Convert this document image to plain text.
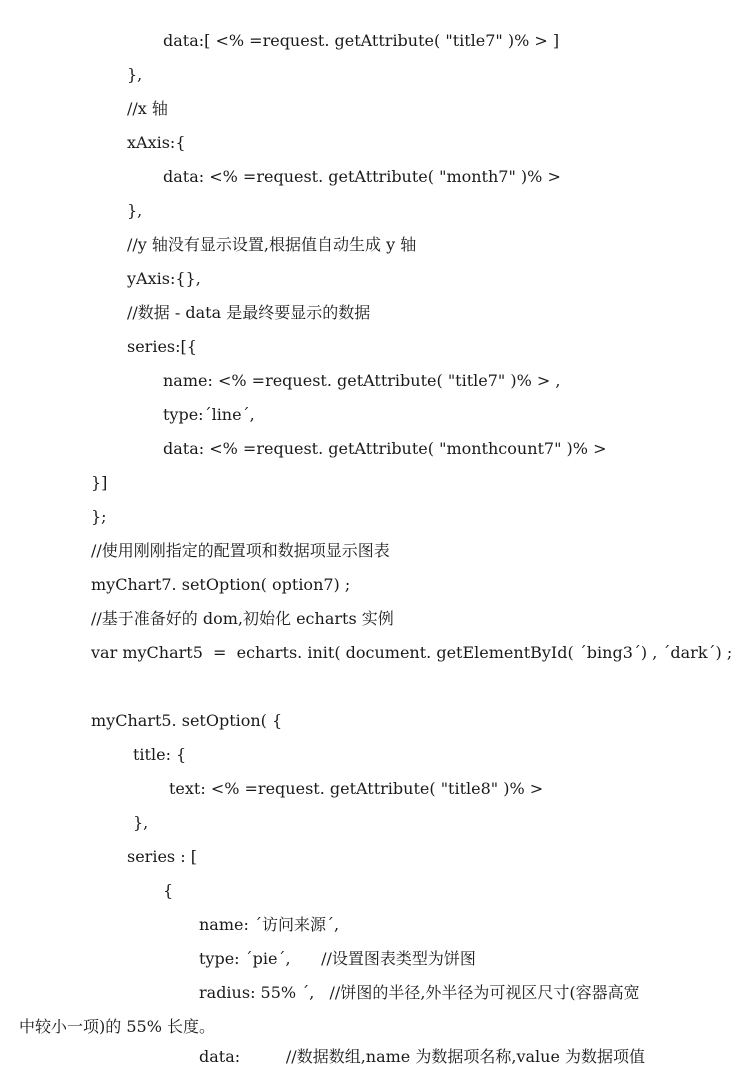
data:[ <% =request. getAttribute( "title7" )% > ]
},
//x 轴
xAxis:{
data: <% =request. getAttribute( "month7" )% >
},
//y 轴没有显示设置,根据值自动生成 y 轴
yAxis:{},
//数据 - data 是最终要显示的数据
series:[{
name: <% =request. getAttribute( "title7" )% > ,
type:´line´,
data: <% =request. getAttribute( "monthcount7" )% >
}]
};
//使用刚刚指定的配置项和数据项显示图表
myChart7. setOption( option7) ;
//基于准备好的 dom,初始化 echarts 实例
var myChart5  =  echarts. init( document. getElementById( ´bing3´) , ´dark´) ;
myChart5. setOption( {
title: {
text: <% =request. getAttribute( "title8" )% >
},
series : [
{
name: ´访问来源´,
type: ´pie´,      //设置图表类型为饼图
radius: 55% ´,   //饼图的半径,外半径为可视区尺寸(容器高宽
中较小一项)的 55% 长度。
data:         //数据数组,name 为数据项名称,value 为数据项值
